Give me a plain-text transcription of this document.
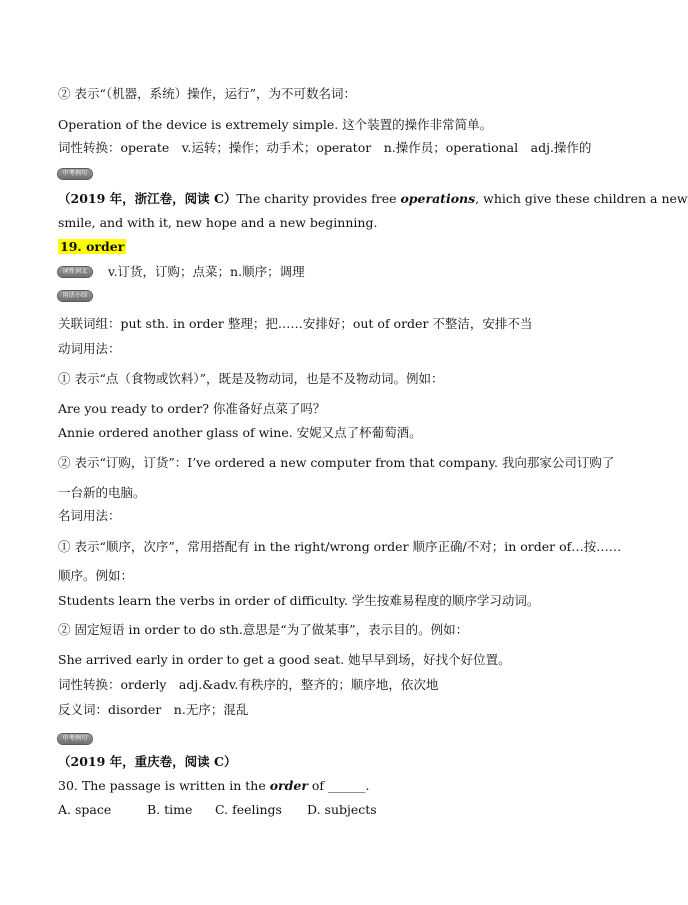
② 表示“（机器，系统）操作，运行”，为不可数名词：
Operation of the device is extremely simple. 这个装置的操作非常简单。
词性转换：operate　v.运转；操作；动手术；operator　n.操作员；operational　adj.操作的
中考例句
（2019 年，浙江卷，阅读 C）The charity provides free operations, which give these children a new
smile, and with it, new hope and a new beginning.
19. order
词性词义	v.订货，订购；点菜；n.顺序；调理
用法小结
关联词组：put sth. in order 整理；把……安排好；out of order 不整洁，安排不当
动词用法：
① 表示“点（食物或饮料）”，既是及物动词，也是不及物动词。例如：
Are you ready to order? 你准备好点菜了吗？
Annie ordered another glass of wine. 安妮又点了杯葡萄酒。
② 表示“订购，订货”：I’ve ordered a new computer from that company. 我向那家公司订购了
一台新的电脑。
名词用法：
① 表示“顺序，次序”，常用搭配有 in the right/wrong order 顺序正确/不对；in order of…按……
顺序。例如：
Students learn the verbs in order of difficulty. 学生按难易程度的顺序学习动词。
② 固定短语 in order to do sth.意思是“为了做某事”，表示目的。例如：
She arrived early in order to get a good seat. 她早早到场，好找个好位置。
词性转换：orderly　adj.&adv.有秩序的，整齐的；顺序地，依次地
反义词：disorder　n.无序；混乱
中考例句
（2019 年，重庆卷，阅读 C）
30. The passage is written in the order of ______.
A. space	B. time C. feelings D. subjects
